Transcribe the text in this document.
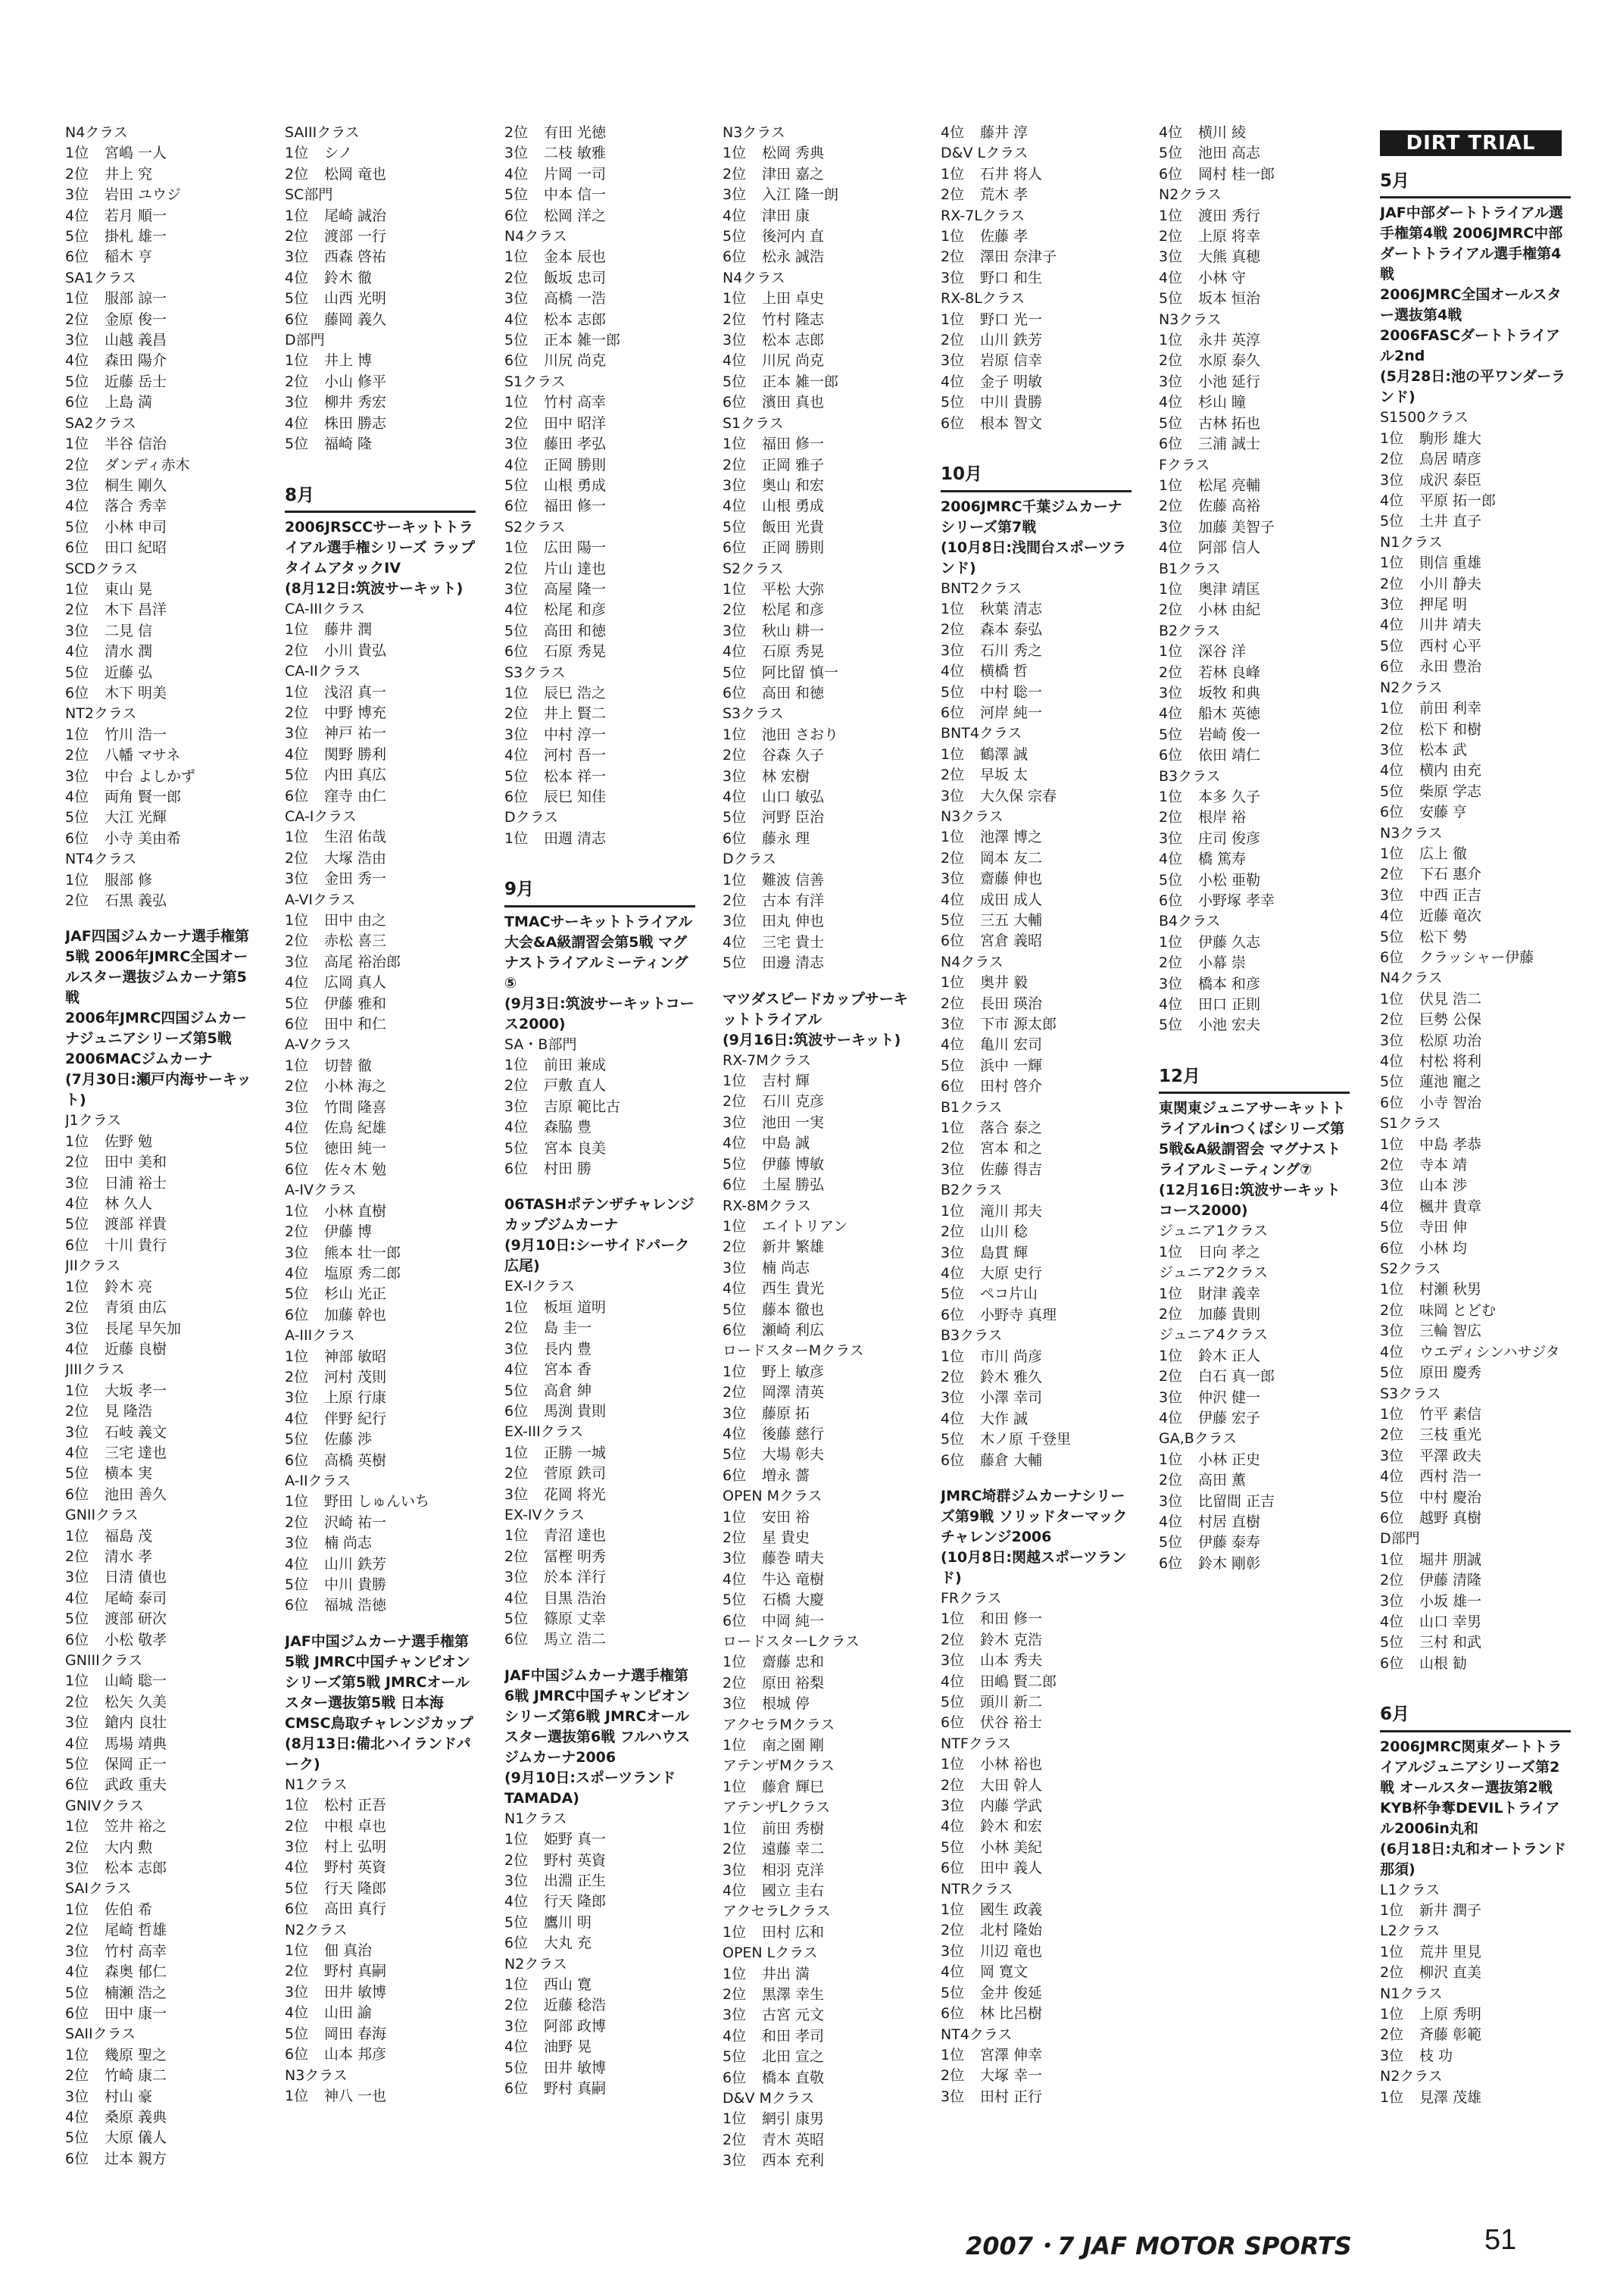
N4クラス
1位 宮嶋 一人
2位 井上 究
3位 岩田 ユウジ
4位 若月 順一
5位 掛札 雄一
6位 稲木 亨
SA1クラス
1位 服部 諒一
2位 金原 俊一
3位 山越 義昌
4位 森田 陽介
5位 近藤 岳士
6位 上島 満
SA2クラス
1位 半谷 信治
2位 ダンディ赤木
3位 桐生 剛久
4位 落合 秀幸
5位 小林 申司
6位 田口 紀昭
SCDクラス
1位 東山 晃
2位 木下 昌洋
3位 二見 信
4位 清水 潤
5位 近藤 弘
6位 木下 明美
NT2クラス
1位 竹川 浩一
2位 八幡 マサネ
3位 中台 よしかず
4位 両角 賢一郎
5位 大江 光輝
6位 小寺 美由希
NT4クラス
1位 服部 修
2位 石黒 義弘
JAF四国ジムカーナ選手権第5戦 2006年JMRC全国オールスター選抜ジムカーナ第5戦
2006年JMRC四国ジムカーナジュニアシリーズ第5戦
2006MACジムカーナ
(7月30日:瀬戸内海サーキット)
J1クラス
1位 佐野 勉
2位 田中 美和
3位 日浦 裕士
4位 林 久人
5位 渡部 祥貴
6位 十川 貴行
JIIクラス
1位 鈴木 亮
2位 青須 由広
3位 長尾 早矢加
4位 近藤 良樹
JIIIクラス
1位 大坂 孝一
2位 見 隆浩
3位 石岐 義文
4位 三宅 達也
5位 横本 実
6位 池田 善久
GNIIクラス
1位 福島 茂
2位 清水 孝
3位 日清 債也
4位 尾崎 泰司
5位 渡部 研次
6位 小松 敬孝
GNIIIクラス
1位 山崎 聡一
2位 松矢 久美
3位 鎗内 良壮
4位 馬場 靖典
5位 保岡 正一
6位 武政 重夫
GNIVクラス
1位 笠井 裕之
2位 大内 勲
3位 松本 志郎
SAIクラス
1位 佐伯 希
2位 尾崎 哲雄
3位 竹村 高幸
4位 森奥 郁仁
5位 楠瀬 浩之
6位 田中 康一
SAIIクラス
1位 幾原 聖之
2位 竹崎 康二
3位 村山 豪
4位 桑原 義典
5位 大原 儀人
6位 辻本 親方
SAIIIクラス
1位 シノ
2位 松岡 竜也
SC部門
1位 尾崎 誠治
2位 渡部 一行
3位 西森 啓祐
4位 鈴木 徹
5位 山西 光明
6位 藤岡 義久
D部門
1位 井上 博
2位 小山 修平
3位 柳井 秀宏
4位 株田 勝志
5位 福崎 隆
8月
2006JRSCCサーキットトライアル選手権シリーズ ラップタイムアタックIV
(8月12日:筑波サーキット)
CA-IIIクラス
1位 藤井 潤
2位 小川 貴弘
CA-IIクラス
1位 浅沼 真一
2位 中野 博充
3位 神戸 祐一
4位 関野 勝利
5位 内田 真広
6位 窪寺 由仁
CA-Iクラス
1位 生沼 佑哉
2位 大塚 浩由
3位 金田 秀一
A-VIクラス
1位 田中 由之
2位 赤松 喜三
3位 高尾 裕治郎
4位 広岡 真人
5位 伊藤 雅和
6位 田中 和仁
A-Vクラス
1位 切替 徹
2位 小林 海之
3位 竹間 隆喜
4位 佐鳥 紀雄
5位 徳田 純一
6位 佐々木 勉
A-IVクラス
1位 小林 直樹
2位 伊藤 博
3位 熊本 壮一郎
4位 塩原 秀二郎
5位 杉山 光正
6位 加藤 幹也
A-IIIクラス
1位 神部 敏昭
2位 河村 茂則
3位 上原 行康
4位 伴野 紀行
5位 佐藤 渉
6位 高橋 英樹
A-IIクラス
1位 野田 しゅんいち
2位 沢崎 祐一
3位 楠 尚志
4位 山川 鉄芳
5位 中川 貴勝
6位 福城 浩徳
JAF中国ジムカーナ選手権第5戦 JMRC中国チャンピオンシリーズ第5戦 JMRCオールスター選抜第5戦 日本海CMSC鳥取チャレンジカップ
(8月13日:備北ハイランドパーク)
N1クラス
1位 松村 正吾
2位 中根 卓也
3位 村上 弘明
4位 野村 英資
5位 行天 隆郎
6位 高田 真行
N2クラス
1位 佃 真治
2位 野村 真嗣
3位 田井 敏博
4位 山田 諭
5位 岡田 春海
6位 山本 邦彦
N3クラス
1位 神八 一也
2位 有田 光徳
3位 二枝 敏雅
4位 片岡 一司
5位 中本 信一
6位 松岡 洋之
N4クラス
1位 金本 辰也
2位 飯坂 忠司
3位 高橋 一浩
4位 松本 志郎
5位 正本 雑一郎
6位 川尻 尚克
S1クラス
1位 竹村 高幸
2位 田中 昭洋
3位 藤田 孝弘
4位 正岡 勝則
5位 山根 勇成
6位 福田 修一
S2クラス
1位 広田 陽一
2位 片山 達也
3位 高屋 隆一
4位 松尾 和彦
5位 高田 和徳
6位 石原 秀晃
S3クラス
1位 辰巳 浩之
2位 井上 賢二
3位 中村 淳一
4位 河村 吾一
5位 松本 祥一
6位 辰巳 知佳
Dクラス
1位 田週 清志
9月
TMACサーキットトライアル大会&A級謂習会第5戦 マグナストライアルミーティング⑤
(9月3日:筑波サーキットコース2000)
SA・B部門
1位 前田 兼成
2位 戸敷 直人
3位 吉原 範比古
4位 森脇 豊
5位 宮本 良美
6位 村田 勝
06TASHポテンザチャレンジカップジムカーナ
(9月10日:シーサイドパーク広尾)
EX-Iクラス
1位 板垣 道明
2位 島 圭一
3位 長内 豊
4位 宮本 香
5位 高倉 紳
6位 馬渕 貴則
EX-IIIクラス
1位 正勝 一城
2位 菅原 鉄司
3位 花岡 将光
EX-IVクラス
1位 青沼 達也
2位 冨樫 明秀
3位 於本 洋行
4位 目黒 浩治
5位 篠原 丈幸
6位 馬立 浩二
JAF中国ジムカーナ選手権第6戦 JMRC中国チャンピオンシリーズ第6戦 JMRCオールスター選抜第6戦 フルハウスジムカーナ2006
(9月10日:スポーツランドTAMADA)
N1クラス
1位 姫野 真一
2位 野村 英資
3位 出淵 正生
4位 行天 隆郎
5位 鷹川 明
6位 大丸 充
N2クラス
1位 西山 寛
2位 近藤 稔浩
3位 阿部 政博
4位 油野 晃
5位 田井 敏博
6位 野村 真嗣
N3クラス
1位 松岡 秀典
2位 津田 嘉之
3位 入江 隆一朗
4位 津田 康
5位 後河内 直
6位 松永 誠浩
N4クラス
1位 上田 卓史
2位 竹村 隆志
3位 松本 志郎
4位 川尻 尚克
5位 正本 雑一郎
6位 濱田 真也
S1クラス
1位 福田 修一
2位 正岡 雅子
3位 奥山 和宏
4位 山根 勇成
5位 飯田 光貴
6位 正岡 勝則
S2クラス
1位 平松 大弥
2位 松尾 和彦
3位 秋山 耕一
4位 石原 秀晃
5位 阿比留 慎一
6位 高田 和徳
S3クラス
1位 池田 さおり
2位 谷森 久子
3位 林 宏樹
4位 山口 敏弘
5位 河野 臣治
6位 藤永 理
Dクラス
1位 難波 信善
2位 古本 有洋
3位 田丸 伸也
4位 三宅 貴士
5位 田邊 清志
マツダスピードカップサーキットトライアル
(9月16日:筑波サーキット)
RX-7Mクラス
1位 吉村 輝
2位 石川 克彦
3位 池田 一実
4位 中島 誠
5位 伊藤 博敏
6位 土屋 勝弘
RX-8Mクラス
1位 エイトリアン
2位 新井 繁雄
3位 楠 尚志
4位 西生 貴光
5位 藤本 徹也
6位 瀬崎 利広
ロードスターMクラス
1位 野上 敏彦
2位 岡澤 清英
3位 藤原 拓
4位 後藤 慈行
5位 大場 彰夫
6位 増永 薔
OPEN Mクラス
1位 安田 裕
2位 星 貴史
3位 藤巻 晴夫
4位 牛込 竜樹
5位 石橋 大慶
6位 中岡 純一
ロードスターLクラス
1位 齋藤 忠和
2位 原田 裕梨
3位 根城 停
アクセラMクラス
1位 南之園 剛
アテンザMクラス
1位 藤倉 輝巳
アテンザLクラス
1位 前田 秀樹
2位 遠藤 幸二
3位 相羽 克洋
4位 國立 圭右
アクセラLクラス
1位 田村 広和
OPEN Lクラス
1位 井出 満
2位 黒澤 幸生
3位 古宮 元文
4位 和田 孝司
5位 北田 宣之
6位 橋本 直敬
D&V Mクラス
1位 網引 康男
2位 青木 英昭
3位 西本 充利
4位 藤井 淳
D&V Lクラス
1位 石井 将人
2位 荒木 孝
RX-7Lクラス
1位 佐藤 孝
2位 澤田 奈津子
3位 野口 和生
RX-8Lクラス
1位 野口 光一
2位 山川 鉄芳
3位 岩原 信幸
4位 金子 明敏
5位 中川 貴勝
6位 根本 智文
10月
2006JMRC千葉ジムカーナシリーズ第7戦
(10月8日:浅間台スポーツランド)
BNT2クラス
1位 秋葉 清志
2位 森本 泰弘
3位 石川 秀之
4位 横橋 哲
5位 中村 聡一
6位 河岸 純一
BNT4クラス
1位 鶴澤 誠
2位 早坂 太
3位 大久保 宗春
N3クラス
1位 池澤 博之
2位 岡本 友二
3位 齋藤 伸也
4位 成田 成人
5位 三五 大輔
6位 宮倉 義昭
N4クラス
1位 奥井 毅
2位 長田 瑛治
3位 下市 源太郎
4位 亀川 宏司
5位 浜中 一輝
6位 田村 啓介
B1クラス
1位 落合 泰之
2位 宮本 和之
3位 佐藤 得吉
B2クラス
1位 滝川 邦夫
2位 山川 稔
3位 島貫 輝
4位 大原 史行
5位 ペコ片山
6位 小野寺 真理
B3クラス
1位 市川 尚彦
2位 鈴木 雅久
3位 小澤 幸司
4位 大作 誠
5位 木ノ原 千登里
6位 藤倉 大輔
JMRC埼群ジムカーナシリーズ第9戦 ソリッドターマックチャレンジ2006
(10月8日:関越スポーツランド)
FRクラス
1位 和田 修一
2位 鈴木 克浩
3位 山本 秀夫
4位 田嶋 賢二郎
5位 頭川 新二
6位 伏谷 裕士
NTFクラス
1位 小林 裕也
2位 大田 幹人
3位 内藤 学武
4位 鈴木 和宏
5位 小林 美紀
6位 田中 義人
NTRクラス
1位 國生 政義
2位 北村 隆始
3位 川辺 竜也
4位 岡 寛文
5位 金井 俊延
6位 林 比呂樹
NT4クラス
1位 宮澤 伸幸
2位 大塚 幸一
3位 田村 正行
4位 横川 綾
5位 池田 高志
6位 岡村 桂一郎
N2クラス
1位 渡田 秀行
2位 上原 将幸
3位 大熊 真穂
4位 小林 守
5位 坂本 恒治
N3クラス
1位 永井 英淳
2位 水原 泰久
3位 小池 延行
4位 杉山 瞳
5位 古林 拓也
6位 三浦 誠士
Fクラス
1位 松尾 亮輔
2位 佐藤 高裕
3位 加藤 美智子
4位 阿部 信人
B1クラス
1位 奥津 靖匡
2位 小林 由紀
B2クラス
1位 深谷 洋
2位 若林 良峰
3位 坂牧 和典
4位 船木 英徳
5位 岩崎 俊一
6位 依田 靖仁
B3クラス
1位 本多 久子
2位 根岸 裕
3位 庄司 俊彦
4位 橋 篤寿
5位 小松 亜勒
6位 小野塚 孝幸
B4クラス
1位 伊藤 久志
2位 小幕 崇
3位 橋本 和彦
4位 田口 正則
5位 小池 宏夫
12月
東関東ジュニアサーキットトライアルinつくばシリーズ第5戦&A級謂習会 マグナストライアルミーティング⑦
(12月16日:筑波サーキットコース2000)
ジュニア1クラス
1位 日向 孝之
ジュニア2クラス
1位 財津 義幸
2位 加藤 貴則
ジュニア4クラス
1位 鈴木 正人
2位 白石 真一郎
3位 仲沢 健一
4位 伊藤 宏子
GA,Bクラス
1位 小林 正史
2位 高田 薫
3位 比留間 正吉
4位 村居 直樹
5位 伊藤 泰寿
6位 鈴木 剛彰
5月
JAF中部ダートトライアル選手権第4戦 2006JMRC中部ダートトライアル選手権第4戦
2006JMRC全国オールスター選抜第4戦
2006FASCダートトライアル2nd
(5月28日:池の平ワンダーランド)
S1500クラス
1位 駒形 雄大
2位 鳥居 晴彦
3位 成沢 泰臣
4位 平原 拓一郎
5位 土井 直子
N1クラス
1位 則信 重雄
2位 小川 静夫
3位 押尾 明
4位 川井 靖夫
5位 西村 心平
6位 永田 豊治
N2クラス
1位 前田 利幸
2位 松下 和樹
3位 松本 武
4位 横内 由充
5位 柴原 学志
6位 安藤 亨
N3クラス
1位 広上 徹
2位 下石 惠介
3位 中西 正吉
4位 近藤 竜次
5位 松下 勢
6位 クラッシャー伊藤
N4クラス
1位 伏見 浩二
2位 巨勢 公保
3位 松原 功治
4位 村松 将利
5位 蓮池 寵之
6位 小寺 智治
S1クラス
1位 中島 孝恭
2位 寺本 靖
3位 山本 渉
4位 楓井 貴章
5位 寺田 伸
6位 小林 均
S2クラス
1位 村瀬 秋男
2位 味岡 とどむ
3位 三輪 智広
4位 ウエディシンハサジタ
5位 原田 慶秀
S3クラス
1位 竹平 素信
2位 三枝 重光
3位 平澤 政夫
4位 西村 浩一
5位 中村 慶治
6位 越野 真樹
D部門
1位 堀井 朋誠
2位 伊藤 清隆
3位 小坂 雄一
4位 山口 幸男
5位 三村 和武
6位 山根 勧
6月
2006JMRC関東ダートトライアルジュニアシリーズ第2戦 オールスター選抜第2戦
KYB杯争奪DEVILトライアル2006in丸和
(6月18日:丸和オートランド那須)
L1クラス
1位 新井 潤子
L2クラス
1位 荒井 里見
2位 柳沢 直美
N1クラス
1位 上原 秀明
2位 斉藤 彰範
3位 枝 功
N2クラス
1位 見澤 茂雄
DIRT TRIAL
2007・7 JAF MOTOR SPORTS	51
